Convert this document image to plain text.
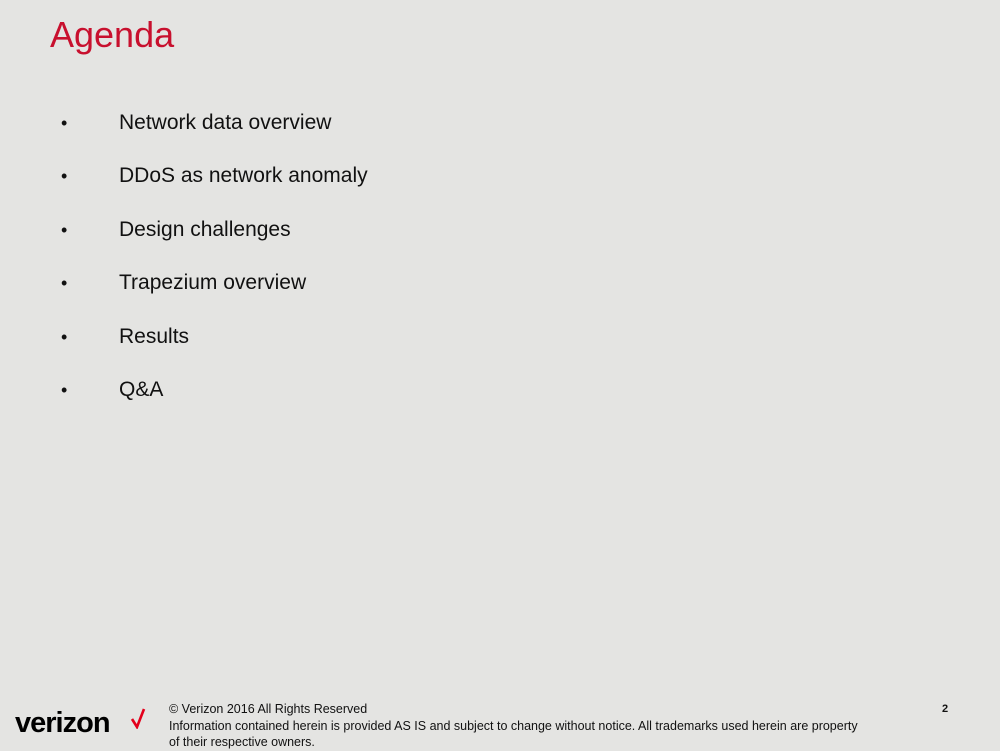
Agenda
• Network data overview
• DDoS as network anomaly
• Design challenges
• Trapezium overview
• Results
• Q&A
verizon	© Verizon 2016 All Rights Reserved
Information contained herein is provided AS IS and subject to change without notice. All trademarks used herein are property
of their respective owners.
2
